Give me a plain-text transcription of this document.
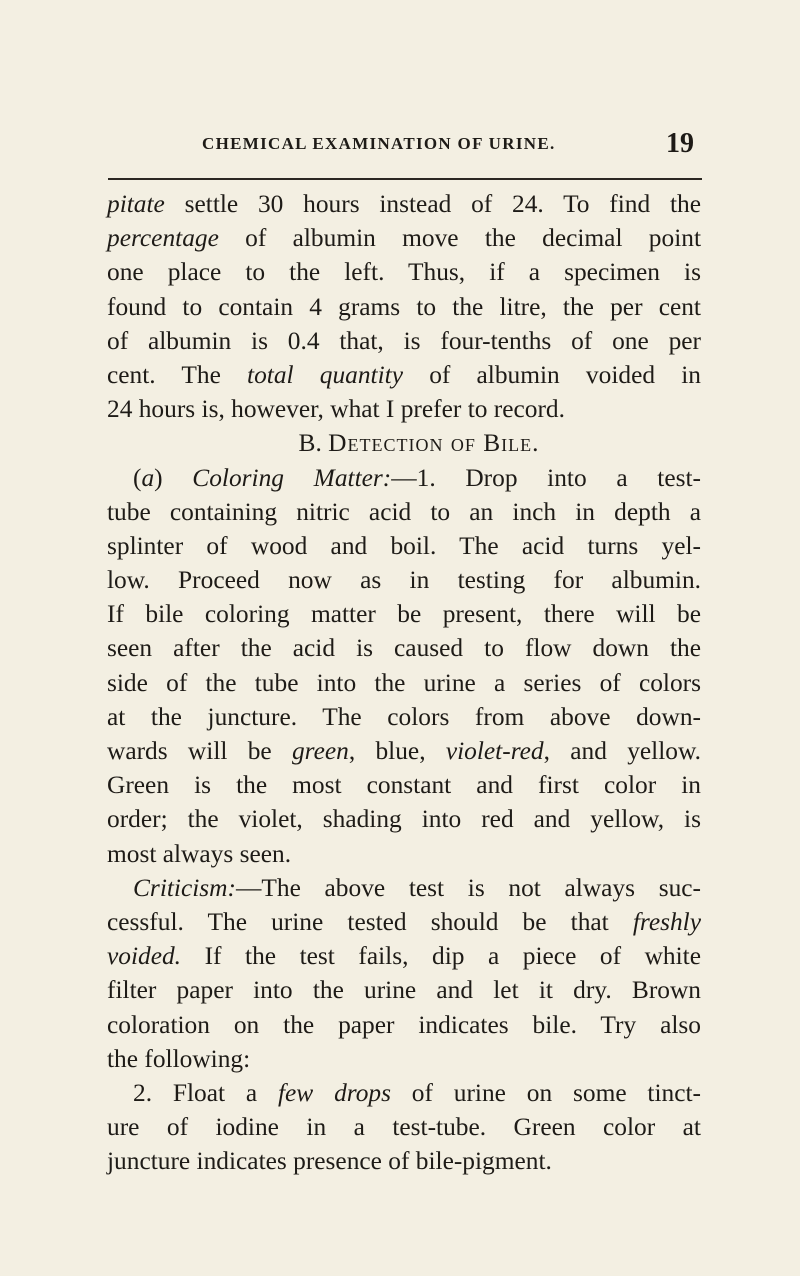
CHEMICAL EXAMINATION OF URINE.	19
pitate settle 30 hours instead of 24. To find the
percentage of albumin move the decimal point
one place to the left. Thus, if a specimen is
found to contain 4 grams to the litre, the per cent
of albumin is 0.4 that, is four-tenths of one per
cent. The total quantity of albumin voided in
24 hours is, however, what I prefer to record.
B. Detection of Bile.
(a) Coloring Matter:—1. Drop into a test-
tube containing nitric acid to an inch in depth a
splinter of wood and boil. The acid turns yel-
low. Proceed now as in testing for albumin.
If bile coloring matter be present, there will be
seen after the acid is caused to flow down the
side of the tube into the urine a series of colors
at the juncture. The colors from above down-
wards will be green, blue, violet-red, and yellow.
Green is the most constant and first color in
order; the violet, shading into red and yellow, is
most always seen.
Criticism:—The above test is not always suc-
cessful. The urine tested should be that freshly
voided. If the test fails, dip a piece of white
filter paper into the urine and let it dry. Brown
coloration on the paper indicates bile. Try also
the following:
2. Float a few drops of urine on some tinct-
ure of iodine in a test-tube. Green color at
juncture indicates presence of bile-pigment.
